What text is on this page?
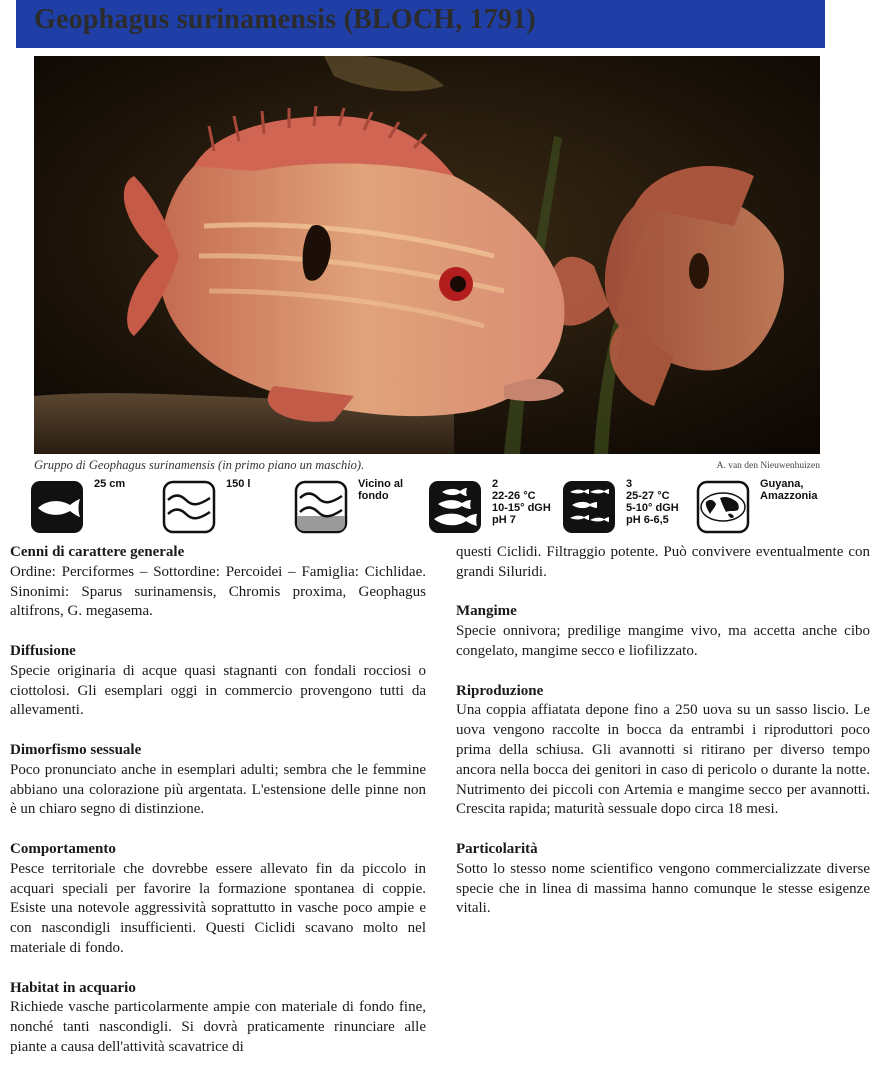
Geophagus surinamensis (BLOCH, 1791)
Gruppo di Geophagus surinamensis (in primo piano un maschio).	A. van den Nieuwenhuizen
25 cm	150 l	Vicino al
fondo
2
22-26 °C
10-15° dGH
pH 7
3
25-27 °C
5-10° dGH
pH 6-6,5
Guyana,
Amazzonia
Cenni di carattere generale

Ordine: Perciformes – Sottordine: Percoidei – Famiglia: Cichlidae. Sinonimi: Sparus surinamensis, Chromis proxima, Geophagus altifrons, G. megasema.

Diffusione

Specie originaria di acque quasi stagnanti con fondali rocciosi o ciottolosi. Gli esemplari oggi in commercio provengono tutti da allevamenti.

Dimorfismo sessuale

Poco pronunciato anche in esemplari adulti; sembra che le femmine abbiano una colorazione più argentata. L'estensione delle pinne non è un chiaro segno di distinzione.

Comportamento

Pesce territoriale che dovrebbe essere allevato fin da piccolo in acquari speciali per favorire la formazione spontanea di coppie. Esiste una notevole aggressività soprattutto in vasche poco ampie e con nascondigli insufficienti. Questi Ciclidi scavano molto nel materiale di fondo.

Habitat in acquario

Richiede vasche particolarmente ampie con materiale di fondo fine, nonché tanti nascondigli. Si dovrà praticamente rinunciare alle piante a causa dell'attività scavatrice di

questi Ciclidi. Filtraggio potente. Può convivere eventualmente con grandi Siluridi.

Mangime

Specie onnivora; predilige mangime vivo, ma accetta anche cibo congelato, mangime secco e liofilizzato.

Riproduzione

Una coppia affiatata depone fino a 250 uova su un sasso liscio. Le uova vengono raccolte in bocca da entrambi i riproduttori poco prima della schiusa. Gli avannotti si ritirano per diverso tempo ancora nella bocca dei genitori in caso di pericolo o durante la notte. Nutrimento dei piccoli con Artemia e mangime secco per avannotti. Crescita rapida; maturità sessuale dopo circa 18 mesi.

Particolarità

Sotto lo stesso nome scientifico vengono commercializzate diverse specie che in linea di massima hanno comunque le stesse esigenze vitali.
